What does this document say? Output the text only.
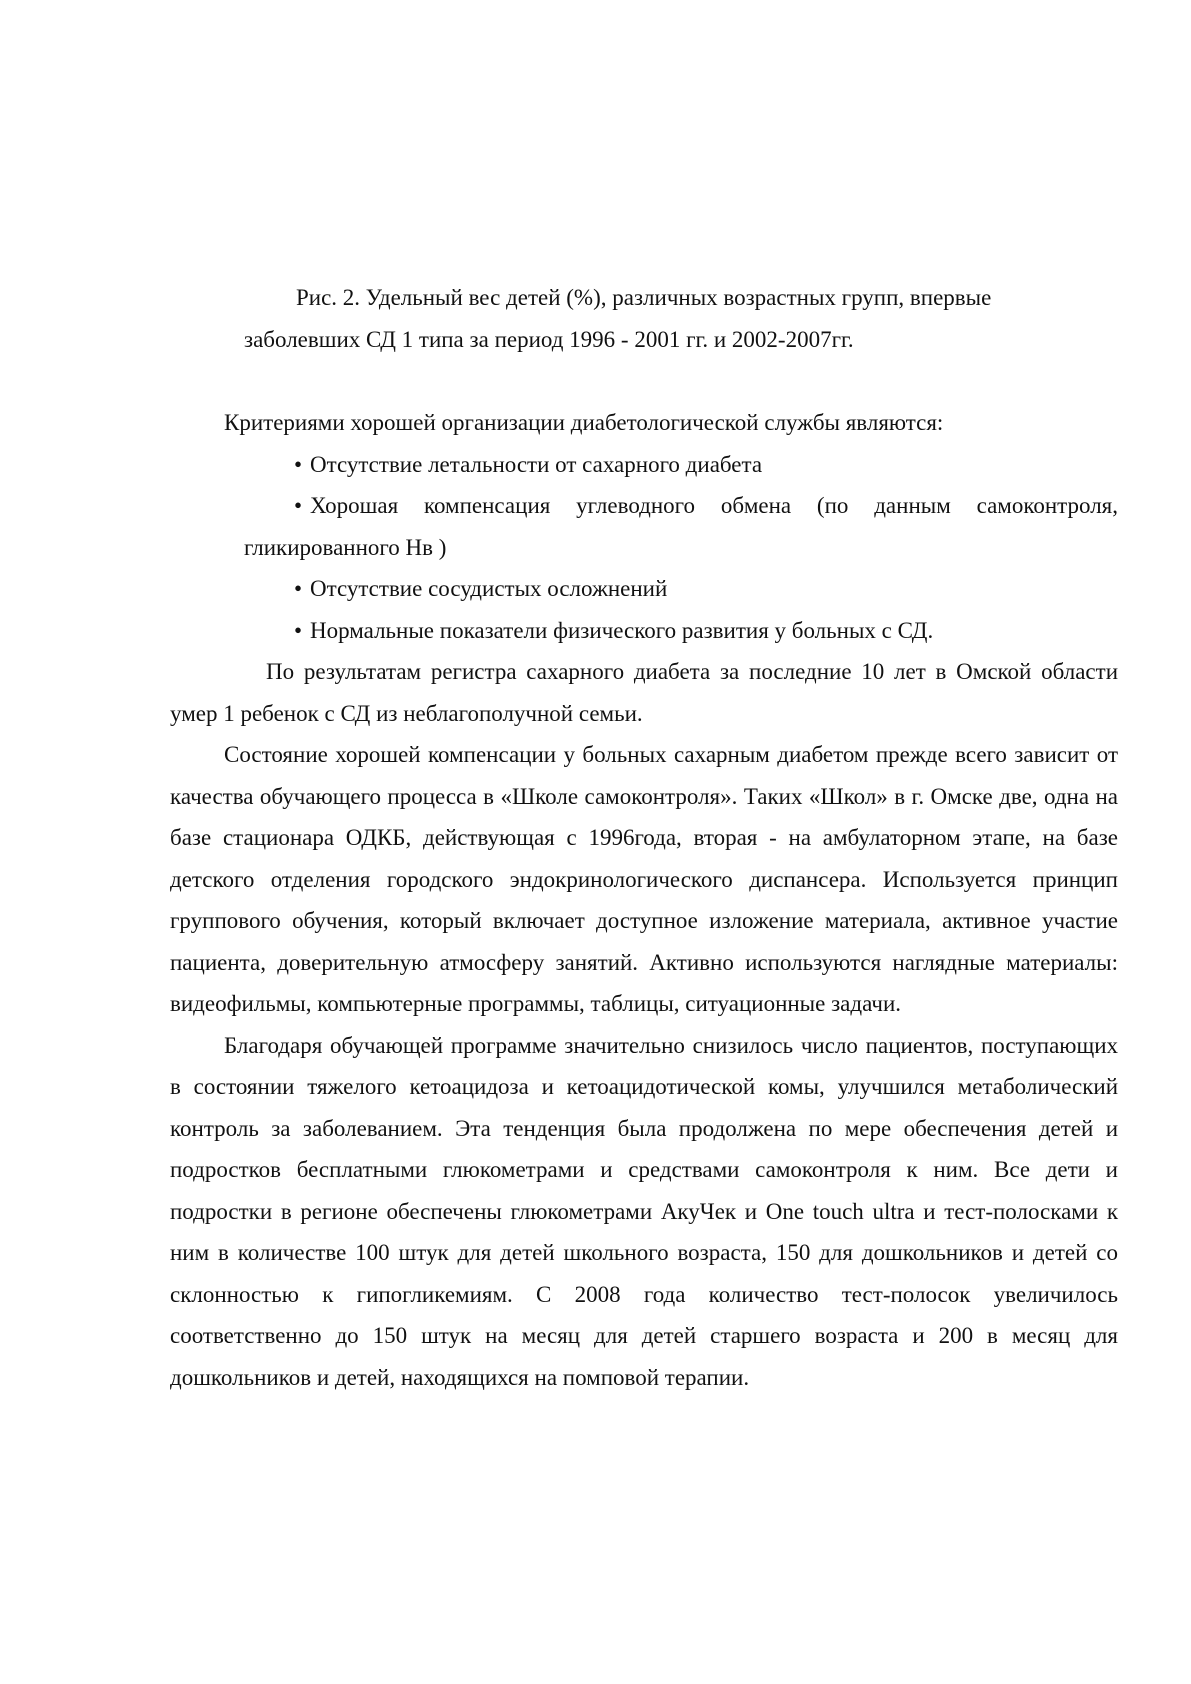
Рис. 2. Удельный вес детей (%), различных возрастных групп, впервые
заболевших СД 1 типа за период 1996 - 2001 гг. и 2002-2007гг.

Критериями хорошей организации диабетологической службы являются:

• Отсутствие летальности от сахарного диабета
• Хорошая компенсация углеводного обмена (по данным самоконтроля, гликированного Нв )
• Отсутствие сосудистых осложнений
• Нормальные показатели физического развития у больных с СД.

По результатам регистра сахарного диабета за последние 10 лет в Омской области умер 1 ребенок с СД из неблагополучной семьи.

Состояние хорошей компенсации у больных сахарным диабетом прежде всего зависит от качества обучающего процесса в «Школе самоконтроля». Таких «Школ» в г. Омске две, одна на базе стационара ОДКБ, действующая с 1996года, вторая - на амбулаторном этапе, на базе детского отделения городского эндокринологического диспансера. Используется принцип группового обучения, который включает доступное изложение материала, активное участие пациента, доверительную атмосферу занятий. Активно используются наглядные материалы: видеофильмы, компьютерные программы, таблицы, ситуационные задачи.

Благодаря обучающей программе значительно снизилось число пациентов, поступающих в состоянии тяжелого кетоацидоза и кетоацидотической комы, улучшился метаболический контроль за заболеванием. Эта тенденция была продолжена по мере обеспечения детей и подростков бесплатными глюкометрами и средствами самоконтроля к ним. Все дети и подростки в регионе обеспечены глюкометрами АкуЧек и One touch ultra и тест-полосками к ним в количестве 100 штук для детей школьного возраста, 150 для дошкольников и детей со склонностью к гипогликемиям. С 2008 года количество тест-полосок увеличилось соответственно до 150 штук на месяц для детей старшего возраста и 200 в месяц для дошкольников и детей, находящихся на помповой терапии.
